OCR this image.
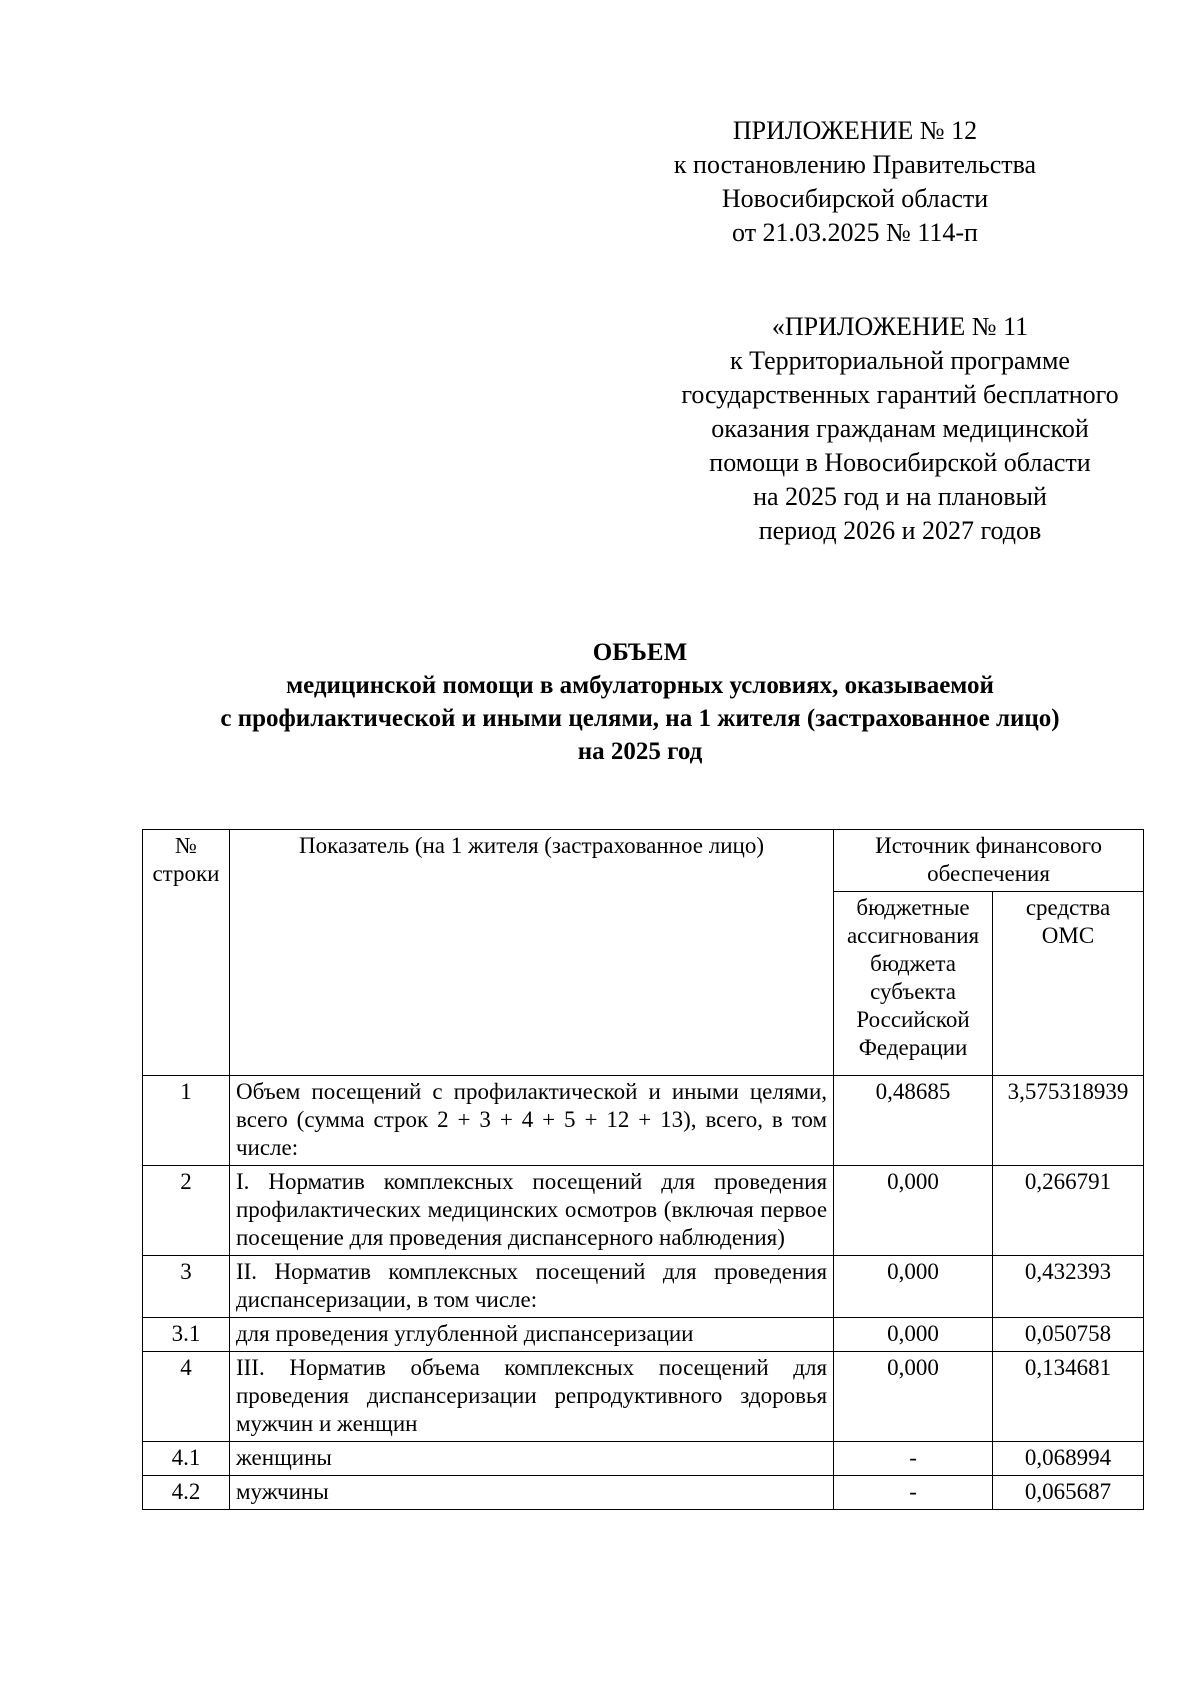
ПРИЛОЖЕНИЕ № 12
к постановлению Правительства
Новосибирской области
от 21.03.2025 № 114-п
«ПРИЛОЖЕНИЕ № 11
к Территориальной программе
государственных гарантий бесплатного
оказания гражданам медицинской
помощи в Новосибирской области
на 2025 год и на плановый
период 2026 и 2027 годов
ОБЪЕМ
медицинской помощи в амбулаторных условиях, оказываемой
с профилактической и иными целями, на 1 жителя (застрахованное лицо)
на 2025 год
№ строки	Показатель (на 1 жителя (застрахованное лицо)	Источник финансового обеспечения	
		бюджетные ассигнования бюджета субъекта Российской Федерации	средства ОМС
1	Объем посещений с профилактической и иными целями, всего (сумма строк 2 + 3 + 4 + 5 + 12 + 13), всего, в том числе:	0,48685	3,575318939
2	I. Норматив комплексных посещений для проведения профилактических медицинских осмотров (включая первое посещение для проведения диспансерного наблюдения)	0,000	0,266791
3	II. Норматив комплексных посещений для проведения диспансеризации, в том числе:	0,000	0,432393
3.1	для проведения углубленной диспансеризации	0,000	0,050758
4	III. Норматив объема комплексных посещений для проведения диспансеризации репродуктивного здоровья мужчин и женщин	0,000	0,134681
4.1	женщины	-	0,068994
4.2	мужчины	-	0,065687
